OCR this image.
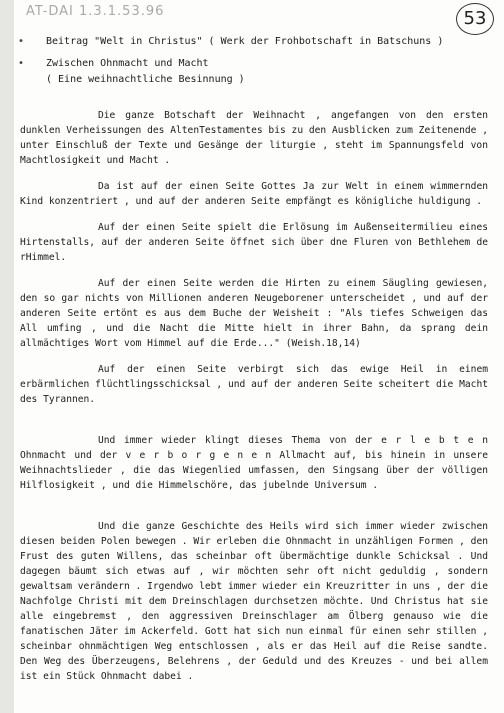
AT-DAI 1.3.1.53.96	53
• Beitrag "Welt in Christus" ( Werk der Frohbotschaft in Batschuns )
• Zwischen Ohnmacht und Macht
( Eine weihnachtliche Besinnung )

Die ganze Botschaft der Weihnacht , angefangen von den ersten dunklen Verheissungen des AltenTestamentes bis zu den Ausblicken zum Zeitenende , unter Einschluß der Texte und Gesänge der liturgie , steht im Spannungsfeld von Machtlosigkeit und Macht .

Da ist auf der einen Seite Gottes Ja zur Welt in einem wimmernden Kind konzentriert , und auf der anderen Seite empfängt es königliche huldigung .

Auf der einen Seite spielt die Erlösung im Außenseitermilieu eines Hirtenstalls, auf der anderen Seite öffnet sich über dne Fluren von Bethlehem de rHimmel.

Auf der einen Seite werden die Hirten zu einem Säugling gewiesen, den so gar nichts von Millionen anderen Neugeborener unterscheidet , und auf der anderen Seite ertönt es aus dem Buche der Weisheit : "Als tiefes Schweigen das All umfing , und die Nacht die Mitte hielt in ihrer Bahn, da sprang dein allmächtiges Wort vom Himmel auf die Erde..." (Weish.18,14)

Auf der einen Seite verbirgt sich das ewige Heil in einem erbärmlichen flüchtlingsschicksal , und auf der anderen Seite scheitert die Macht des Tyrannen.

Und immer wieder klingt dieses Thema von der e r l e b t e n Ohnmacht und der v e r b o r g e n e n Allmacht auf, bis hinein in unsere Weihnachtslieder , die das Wiegenlied umfassen, den Singsang über der völligen Hilflosigkeit , und die Himmelschöre, das jubelnde Universum .

Und die ganze Geschichte des Heils wird sich immer wieder zwischen diesen beiden Polen bewegen . Wir erleben die Ohnmacht in unzähligen Formen , den Frust des guten Willens, das scheinbar oft übermächtige dunkle Schicksal . Und dagegen bäumt sich etwas auf , wir möchten sehr oft nicht geduldig , sondern gewaltsam verändern . Irgendwo lebt immer wieder ein Kreuzritter in uns , der die Nachfolge Christi mit dem Dreinschlagen durchsetzen möchte. Und Christus hat sie alle eingebremst , den aggressiven Dreinschlager am Ölberg genauso wie die fanatischen Jäter im Ackerfeld. Gott hat sich nun einmal für einen sehr stillen , scheinbar ohnmächtigen Weg entschlossen , als er das Heil auf die Reise sandte. Den Weg des Überzeugens, Belehrens , der Geduld und des Kreuzes - und bei allem ist ein Stück Ohnmacht dabei .
